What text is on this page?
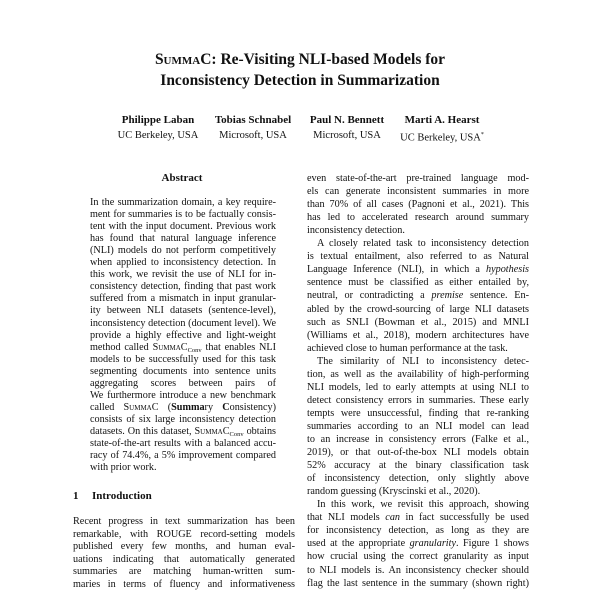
SummaC: Re-Visiting NLI-based Models for
Inconsistency Detection in Summarization
Philippe Laban
UC Berkeley, USA
Tobias Schnabel
Microsoft, USA
Paul N. Bennett
Microsoft, USA
Marti A. Hearst
UC Berkeley, USA*
Abstract
In the summarization domain, a key require-
ment for summaries is to be factually consis-
tent with the input document. Previous work
has found that natural language inference
(NLI) models do not perform competitively
when applied to inconsistency detection. In
this work, we revisit the use of NLI for in-
consistency detection, finding that past work
suffered from a mismatch in input granular-
ity between NLI datasets (sentence-level),
inconsistency detection (document level). We
provide a highly effective and light-weight
method called SummaC$_{Conv}$ that enables NLI
models to be successfully used for this task
segmenting documents into sentence units
aggregating scores between pairs of
We furthermore introduce a new benchmark
called SummaC (Summary Consistency)
consists of six large inconsistency detection
datasets. On this dataset, SummaC$_{Conv}$ obtains
state-of-the-art results with a balanced accu-
racy of 74.4%, a 5% improvement compared
with prior work.
1 Introduction
Recent progress in text summarization has been
remarkable, with ROUGE record-setting models
published every few months, and human eval-
uations indicating that automatically generated
summaries are matching human-written sum-
maries in terms of fluency and informativeness
even state-of-the-art pre-trained language mod-
els can generate inconsistent summaries in more
than 70% of all cases (Pagnoni et al., 2021). This
has led to accelerated research around summary
inconsistency detection.
A closely related task to inconsistency detection
is textual entailment, also referred to as Natural
Language Inference (NLI), in which a hypothesis
sentence must be classified as either entailed by,
neutral, or contradicting a premise sentence. En-
abled by the crowd-sourcing of large NLI datasets
such as SNLI (Bowman et al., 2015) and MNLI
(Williams et al., 2018), modern architectures have
achieved close to human performance at the task.
The similarity of NLI to inconsistency detec-
tion, as well as the availability of high-performing
NLI models, led to early attempts at using NLI to
detect consistency errors in summaries. These early
tempts were unsuccessful, finding that re-ranking
summaries according to an NLI model can lead
to an increase in consistency errors (Falke et al.,
2019), or that out-of-the-box NLI models obtain
52% accuracy at the binary classification task
of inconsistency detection, only slightly above
random guessing (Kryscinski et al., 2020).
In this work, we revisit this approach, showing
that NLI models can in fact successfully be used
for inconsistency detection, as long as they are
used at the appropriate granularity. Figure 1 shows
how crucial using the correct granularity as input
to NLI models is. An inconsistency checker should
flag the last sentence in the summary (shown right)
